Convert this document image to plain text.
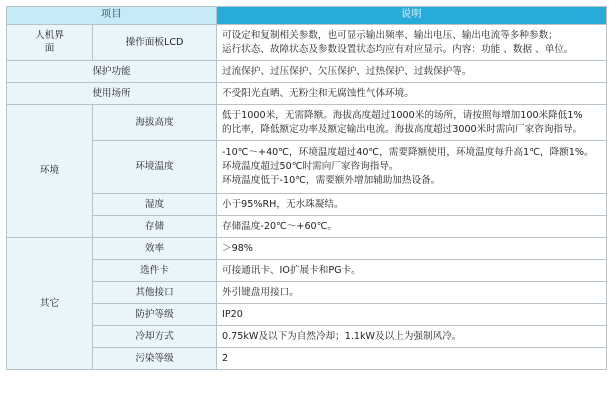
项目		说明
人机界面	操作面板LCD	可设定和复制相关参数，也可显示输出频率、输出电压、输出电流等多种参数；
运行状态、故障状态及参数设置状态均应有对应显示。内容：功能 、数据 、单位。

保护功能		过流保护、过压保护、欠压保护、过热保护、过载保护等。
使用场所		不受阳光直晒、无粉尘和无腐蚀性气体环境。
环境	海拔高度	低于1000米，无需降额。海拔高度超过1000米的场所，请按照每增加100米降低1%
的比率，降低额定功率及额定输出电流。海拔高度超过3000米时需向厂家咨询指导。

	环境温度	-10℃～+40℃，环境温度超过40℃，需要降额使用，环境温度每升高1℃，降额1%。
环境温度超过50℃时需向厂家咨询指导。
环境温度低于-10℃，需要额外增加辅助加热设备。

	湿度	小于95%RH，无水珠凝结。
	存储	存储温度-20℃～+60℃。
其它	效率	＞98%
	选件卡	可接通讯卡、IO扩展卡和PG卡。
	其他接口	外引键盘用接口。
	防护等级	IP20
	冷却方式	0.75kW及以下为自然冷却；1.1kW及以上为强制风冷。
	污染等级	2
